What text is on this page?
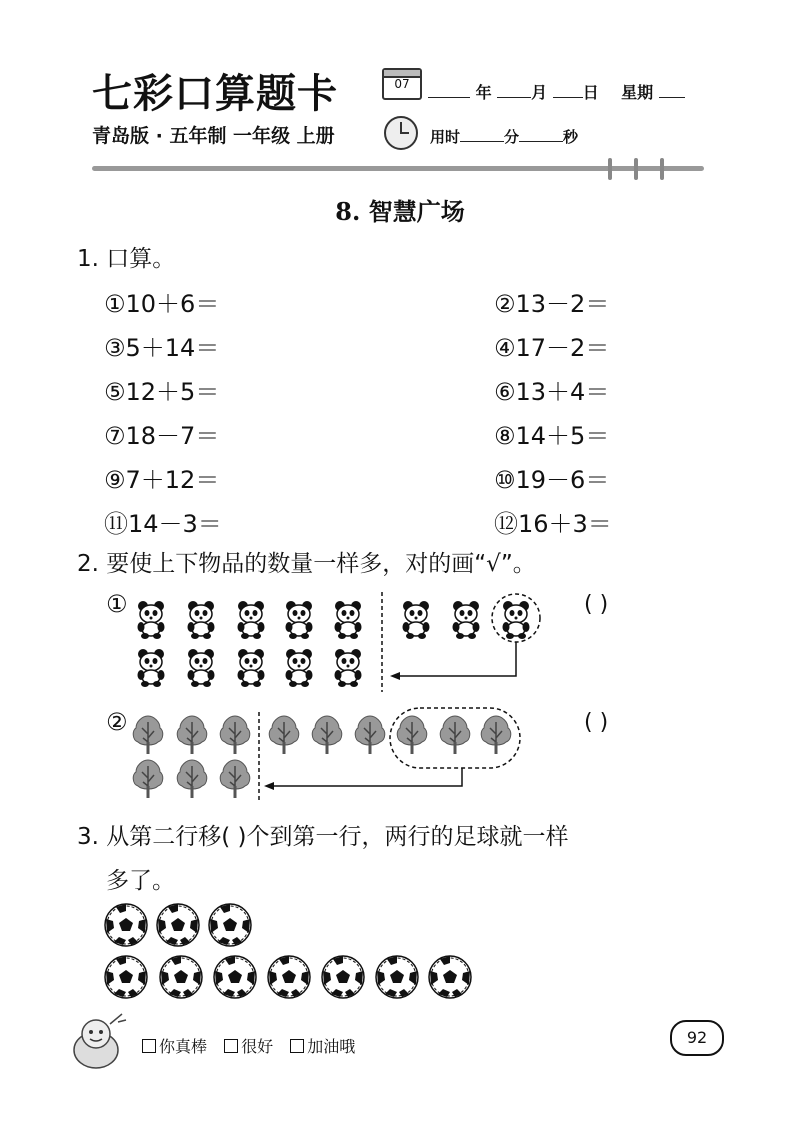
七彩口算题卡	07	年 月 日 星期
青岛版 · 五年制 一年级 上册	用时	分	秒
8. 智慧广场
1. 口算。
①10＋6＝	②13－2＝
③5＋14＝	④17－2＝
⑤12＋5＝	⑥13＋4＝
⑦18－7＝	⑧14＋5＝
⑨7＋12＝	⑩19－6＝
⑪14－3＝	⑫16＋3＝
2. 要使上下物品的数量一样多，对的画“√”。
①	( )
②	( )
3. 从第二行移( )个到第一行，两行的足球就一样
多了。
你真棒 很好 加油哦	92
